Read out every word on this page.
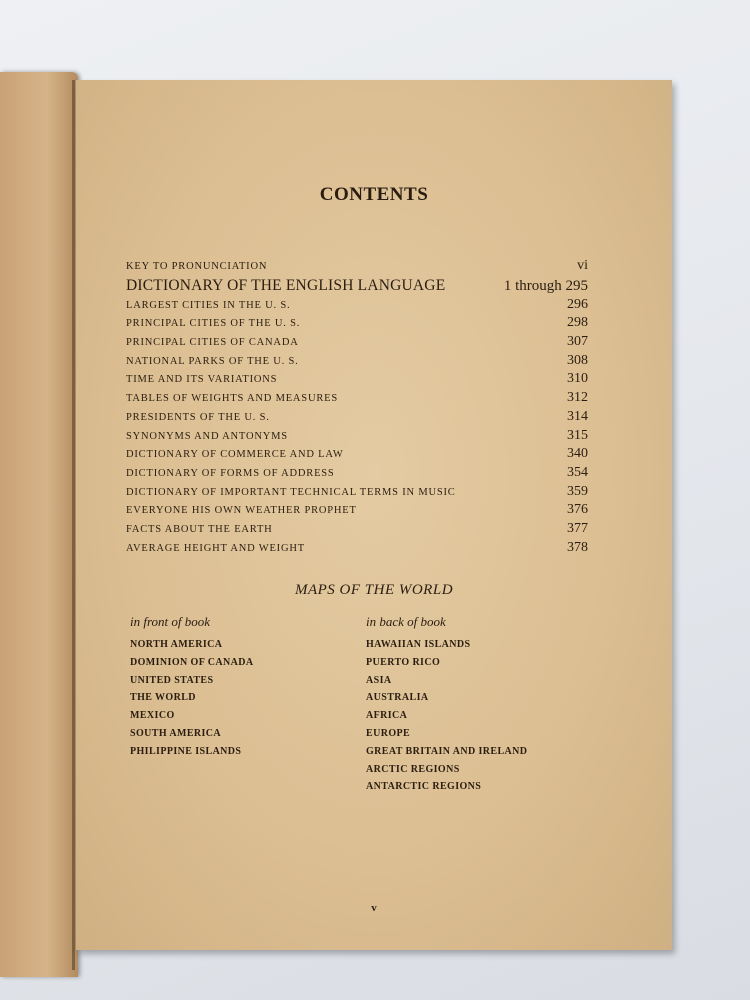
CONTENTS
KEY TO PRONUNCIATION	vi
DICTIONARY OF THE ENGLISH LANGUAGE	1 through 295
LARGEST CITIES IN THE U. S.	296
PRINCIPAL CITIES OF THE U. S.	298
PRINCIPAL CITIES OF CANADA	307
NATIONAL PARKS OF THE U. S.	308
TIME AND ITS VARIATIONS	310
TABLES OF WEIGHTS AND MEASURES	312
PRESIDENTS OF THE U. S.	314
SYNONYMS AND ANTONYMS	315
DICTIONARY OF COMMERCE AND LAW	340
DICTIONARY OF FORMS OF ADDRESS	354
DICTIONARY OF IMPORTANT TECHNICAL TERMS IN MUSIC	359
EVERYONE HIS OWN WEATHER PROPHET	376
FACTS ABOUT THE EARTH	377
AVERAGE HEIGHT AND WEIGHT	378
MAPS OF THE WORLD
in front of book
NORTH AMERICA
DOMINION OF CANADA
UNITED STATES
THE WORLD
MEXICO
SOUTH AMERICA
PHILIPPINE ISLANDS
in back of book
HAWAIIAN ISLANDS
PUERTO RICO
ASIA
AUSTRALIA
AFRICA
EUROPE
GREAT BRITAIN AND IRELAND
ARCTIC REGIONS
ANTARCTIC REGIONS
v
